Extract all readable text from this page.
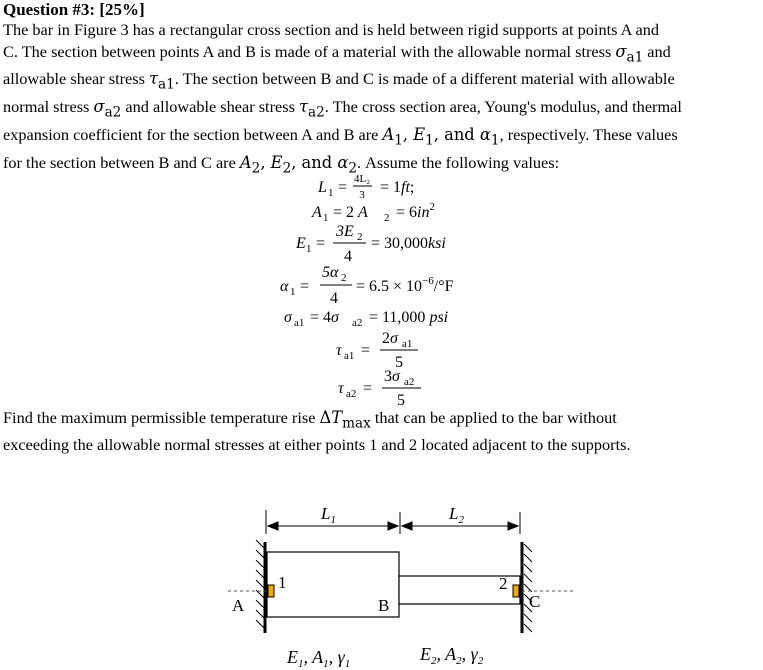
Question #3: [25%]
The bar in Figure 3 has a rectangular cross section and is held between rigid supports at points A and
C. The section between points A and B is made of a material with the allowable normal stress $\sigma_{a1}$ and
allowable shear stress $\tau_{a1}$. The section between B and C is made of a different material with allowable
normal stress $\sigma_{a2}$ and allowable shear stress $\tau_{a2}$. The cross section area, Young's modulus, and thermal
expansion coefficient for the section between A and B are $A_1$, $E_1$, and $\alpha_1$, respectively. These values
for the section between B and C are $A_2$, $E_2$, and $\alpha_2$. Assume the following values:
L 1 = 4L₂
3 = 1ft;
A 1 = 2 A $2 = 6in^2$
E 1 =
3E 2
4
= 30,000ksi
α 1 =
5α 2
4
= $6.5 \times 10^{-6}/^\circ F$
σ a1 = 4σ a2 = 11,000 psi
τ a1 =
2σ a1
5
τ a2 =
3σ a2
5
Find the maximum permissible temperature rise $\Delta T_{max}$ that can be applied to the bar without
exceeding the allowable normal stresses at either points 1 and 2 located adjacent to the supports.
$L_1$	$L_2$
1	2
A	B	C
$E_1$, $A_1$, $\gamma_1$	$E_2$, $A_2$, $\gamma_2$
